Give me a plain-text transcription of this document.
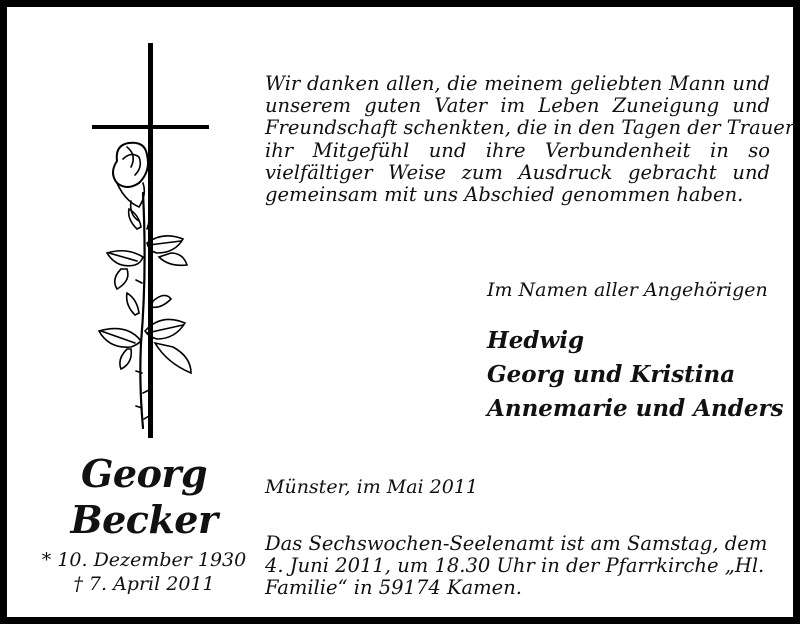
Georg
Becker
* 10. Dezember 1930
† 7. April 2011
Wir danken allen, die meinem geliebten Mann und
unserem guten Vater im Leben Zuneigung und
Freundschaft schenkten, die in den Tagen der Trauer
ihr Mitgefühl und ihre Verbundenheit in so
vielfältiger Weise zum Ausdruck gebracht und
gemeinsam mit uns Abschied genommen haben.
Im Namen aller Angehörigen
Hedwig
Georg und Kristina
Annemarie und Anders
Münster, im Mai 2011
Das Sechswochen-Seelenamt ist am Samstag, dem
4. Juni 2011, um 18.30 Uhr in der Pfarrkirche „Hl.
Familie“ in 59174 Kamen.
